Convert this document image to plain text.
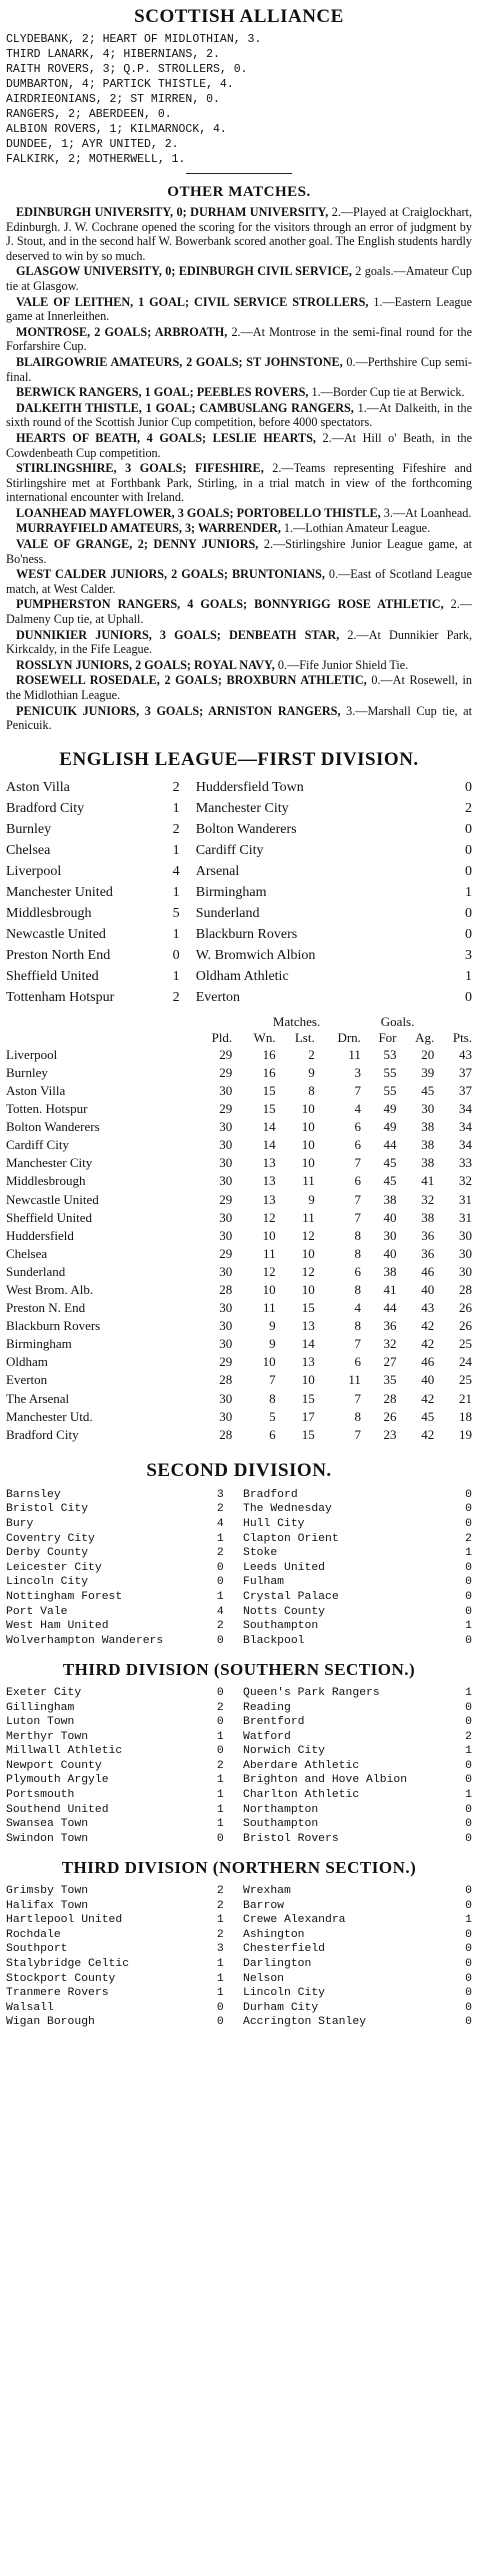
SCOTTISH ALLIANCE
CLYDEBANK, 2; HEART OF MIDLOTHIAN, 3.
THIRD LANARK, 4; HIBERNIANS, 2.
RAITH ROVERS, 3; Q.P. STROLLERS, 0.
DUMBARTON, 4; PARTICK THISTLE, 4.
AIRDRIEONIANS, 2; ST MIRREN, 0.
RANGERS, 2; ABERDEEN, 0.
ALBION ROVERS, 1; KILMARNOCK, 4.
DUNDEE, 1; AYR UNITED, 2.
FALKIRK, 2; MOTHERWELL, 1.
OTHER MATCHES.

EDINBURGH UNIVERSITY, 0; DURHAM UNIVERSITY, 2.—Played at Craiglockhart, Edinburgh. J. W. Cochrane opened the scoring for the visitors through an error of judgment by J. Stout, and in the second half W. Bowerbank scored another goal. The English students hardly deserved to win by so much.

GLASGOW UNIVERSITY, 0; EDINBURGH CIVIL SERVICE, 2 goals.—Amateur Cup tie at Glasgow.

VALE OF LEITHEN, 1 GOAL; CIVIL SERVICE STROLLERS, 1.—Eastern League game at Innerleithen.

MONTROSE, 2 GOALS; ARBROATH, 2.—At Montrose in the semi-final round for the Forfarshire Cup.

BLAIRGOWRIE AMATEURS, 2 GOALS; ST JOHNSTONE, 0.—Perthshire Cup semi-final.

BERWICK RANGERS, 1 GOAL; PEEBLES ROVERS, 1.—Border Cup tie at Berwick.

DALKEITH THISTLE, 1 GOAL; CAMBUSLANG RANGERS, 1.—At Dalkeith, in the sixth round of the Scottish Junior Cup competition, before 4000 spectators.

HEARTS OF BEATH, 4 GOALS; LESLIE HEARTS, 2.—At Hill o' Beath, in the Cowdenbeath Cup competition.

STIRLINGSHIRE, 3 GOALS; FIFESHIRE, 2.—Teams representing Fifeshire and Stirlingshire met at Forthbank Park, Stirling, in a trial match in view of the forthcoming international encounter with Ireland.

LOANHEAD MAYFLOWER, 3 GOALS; PORTOBELLO THISTLE, 3.—At Loanhead.

MURRAYFIELD AMATEURS, 3; WARRENDER, 1.—Lothian Amateur League.

VALE OF GRANGE, 2; DENNY JUNIORS, 2.—Stirlingshire Junior League game, at Bo'ness.

WEST CALDER JUNIORS, 2 GOALS; BRUNTONIANS, 0.—East of Scotland League match, at West Calder.

PUMPHERSTON RANGERS, 4 GOALS; BONNYRIGG ROSE ATHLETIC, 2.—Dalmeny Cup tie, at Uphall.

DUNNIKIER JUNIORS, 3 GOALS; DENBEATH STAR, 2.—At Dunnikier Park, Kirkcaldy, in the Fife League.

ROSSLYN JUNIORS, 2 GOALS; ROYAL NAVY, 0.—Fife Junior Shield Tie.

ROSEWELL ROSEDALE, 2 GOALS; BROXBURN ATHLETIC, 0.—At Rosewell, in the Midlothian League.

PENICUIK JUNIORS, 3 GOALS; ARNISTON RANGERS, 3.—Marshall Cup tie, at Penicuik.

ENGLISH LEAGUE—FIRST DIVISION.
Aston Villa	2	Huddersfield Town	0
Bradford City	1	Manchester City	2
Burnley	2	Bolton Wanderers	0
Chelsea	1	Cardiff City	0
Liverpool	4	Arsenal	0
Manchester United	1	Birmingham	1
Middlesbrough	5	Sunderland	0
Newcastle United	1	Blackburn Rovers	0
Preston North End	0	W. Bromwich Albion	3
Sheffield United	1	Oldham Athletic	1
Tottenham Hotspur	2	Everton	0
		Matches.			Goals.		
	Pld.	Wn.	Lst.	Drn.	For	Ag.	Pts.
Liverpool	29	16	2	11	53	20	43
Burnley	29	16	9	3	55	39	37
Aston Villa	30	15	8	7	55	45	37
Totten. Hotspur	29	15	10	4	49	30	34
Bolton Wanderers	30	14	10	6	49	38	34
Cardiff City	30	14	10	6	44	38	34
Manchester City	30	13	10	7	45	38	33
Middlesbrough	30	13	11	6	45	41	32
Newcastle United	29	13	9	7	38	32	31
Sheffield United	30	12	11	7	40	38	31
Huddersfield	30	10	12	8	30	36	30
Chelsea	29	11	10	8	40	36	30
Sunderland	30	12	12	6	38	46	30
West Brom. Alb.	28	10	10	8	41	40	28
Preston N. End	30	11	15	4	44	43	26
Blackburn Rovers	30	9	13	8	36	42	26
Birmingham	30	9	14	7	32	42	25
Oldham	29	10	13	6	27	46	24
Everton	28	7	10	11	35	40	25
The Arsenal	30	8	15	7	28	42	21
Manchester Utd.	30	5	17	8	26	45	18
Bradford City	28	6	15	7	23	42	19
SECOND DIVISION.
Barnsley	3	Bradford	0
Bristol City	2	The Wednesday	0
Bury	4	Hull City	0
Coventry City	1	Clapton Orient	2
Derby County	2	Stoke	1
Leicester City	0	Leeds United	0
Lincoln City	0	Fulham	0
Nottingham Forest	1	Crystal Palace	0
Port Vale	4	Notts County	0
West Ham United	2	Southampton	1
Wolverhampton Wanderers	0	Blackpool	0
THIRD DIVISION (SOUTHERN SECTION.)
Exeter City	0	Queen's Park Rangers	1
Gillingham	2	Reading	0
Luton Town	0	Brentford	0
Merthyr Town	1	Watford	2
Millwall Athletic	0	Norwich City	1
Newport County	2	Aberdare Athletic	0
Plymouth Argyle	1	Brighton and Hove Albion	0
Portsmouth	1	Charlton Athletic	1
Southend United	1	Northampton	0
Swansea Town	1	Southampton	0
Swindon Town	0	Bristol Rovers	0
THIRD DIVISION (NORTHERN SECTION.)
Grimsby Town	2	Wrexham	0
Halifax Town	2	Barrow	0
Hartlepool United	1	Crewe Alexandra	1
Rochdale	2	Ashington	0
Southport	3	Chesterfield	0
Stalybridge Celtic	1	Darlington	0
Stockport County	1	Nelson	0
Tranmere Rovers	1	Lincoln City	0
Walsall	0	Durham City	0
Wigan Borough	0	Accrington Stanley	0
